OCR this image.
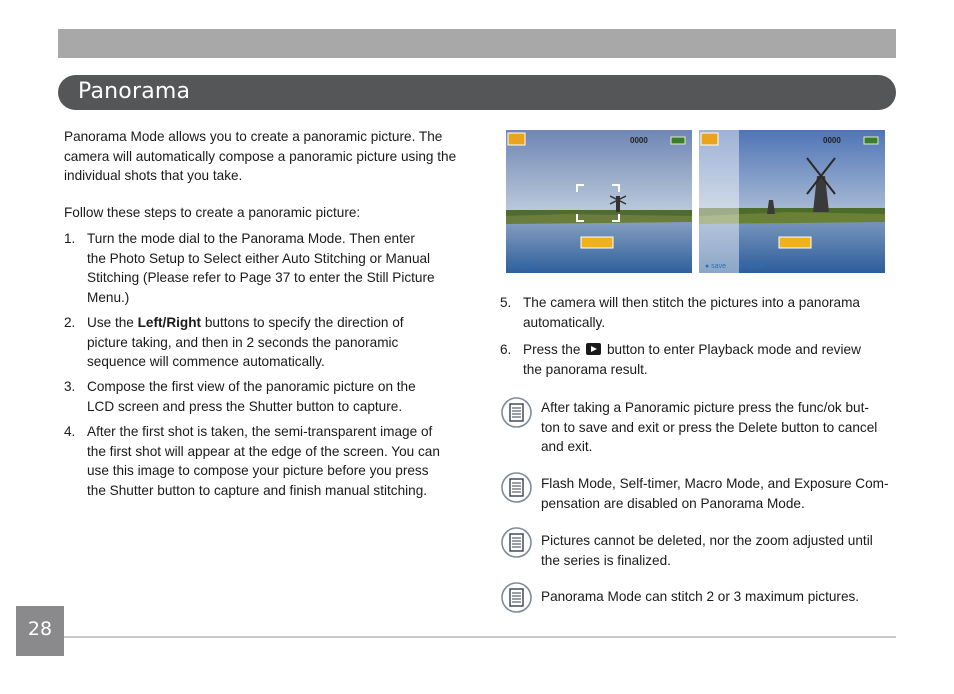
Panorama
Panorama Mode allows you to create a panoramic picture. The camera will automatically compose a panoramic picture using the individual shots that you take.
Follow these steps to create a panoramic picture:
1. Turn the mode dial to the Panorama Mode. Then enter
the Photo Setup to Select either Auto Stitching or Manual
Stitching (Please refer to Page 37 to enter the Still Picture
Menu.)
2. Use the Left/Right buttons to specify the direction of
picture taking, and then in 2 seconds the panoramic
sequence will commence automatically.
3. Compose the first view of the panoramic picture on the
LCD screen and press the Shutter button to capture.
4. After the first shot is taken, the semi-transparent image of
the first shot will appear at the edge of the screen. You can
use this image to compose your picture before you press
the Shutter button to capture and finish manual stitching.
● save
0000
● save ● cancel
0000
5. The camera will then stitch the pictures into a panorama
automatically.
6. Press the  button to enter Playback mode and review
the panorama result.
After taking a Panoramic picture press the func/ok but-
ton to save and exit or press the Delete button to cancel
and exit.
Flash Mode, Self-timer, Macro Mode, and Exposure Com-
pensation are disabled on Panorama Mode.
Pictures cannot be deleted, nor the zoom adjusted until
the series is finalized.
Panorama Mode can stitch 2 or 3 maximum pictures.
28
